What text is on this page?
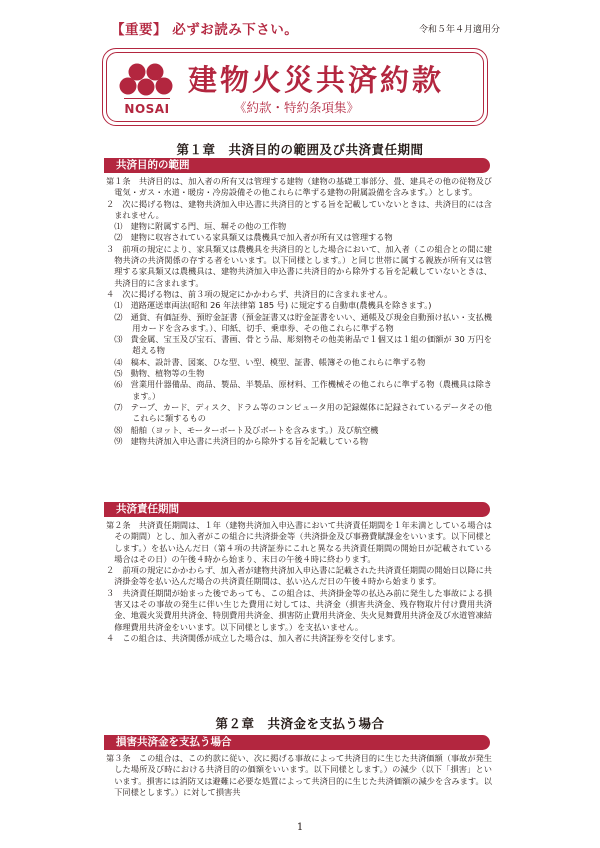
【重要】 必ずお読み下さい。	令和５年４月適用分
NOSAI
建物火災共済約款
《約款・特約条項集》
第１章　共済目的の範囲及び共済責任期間
共済目的の範囲

第１条　共済目的は、加入者の所有又は管理する建物（建物の基礎工事部分、畳、建具その他の従物及び電気・ガス・水道・暖房・冷房設備その他これらに準ずる建物の附属設備を含みます。）とします。

２　次に掲げる物は、建物共済加入申込書に共済目的とする旨を記載していないときは、共済目的には含まれません。

⑴　建物に附属する門、垣、塀その他の工作物

⑵　建物に収容されている家具類又は農機具で加入者が所有又は管理する物

３　前項の規定により、家具類又は農機具を共済目的とした場合において、加入者（この組合との間に建物共済の共済関係の存する者をいいます。以下同様とします。）と同じ世帯に属する親族が所有又は管理する家具類又は農機具は、建物共済加入申込書に共済目的から除外する旨を記載していないときは、共済目的に含まれます。

４　次に掲げる物は、前３項の規定にかかわらず、共済目的に含まれません。

⑴　道路運送車両法(昭和 26 年法律第 185 号) に規定する自動車(農機具を除きます。)

⑵　通貨、有価証券、預貯金証書（預金証書又は貯金証書をいい、通帳及び現金自動預け払い・支払機用カードを含みます。）、印紙、切手、乗車券、その他これらに準ずる物

⑶　貴金属、宝玉及び宝石、書画、骨とう品、彫刻物その他美術品で１個又は１組の価額が 30 万円を超える物

⑷　稿本、設計書、図案、ひな型、い型、模型、証書、帳簿その他これらに準ずる物

⑸　動物、植物等の生物

⑹　営業用什器備品、商品、製品、半製品、原材料、工作機械その他これらに準ずる物（農機具は除きます。）

⑺　テープ、カード、ディスク、ドラム等のコンピュータ用の記録媒体に記録されているデータその他これらに類するもの

⑻　船舶（ヨット、モーターボート及びボートを含みます。）及び航空機

⑼　建物共済加入申込書に共済目的から除外する旨を記載している物

共済責任期間

第２条　共済責任期間は、１年（建物共済加入申込書において共済責任期間を１年未満としている場合はその期間）とし、加入者がこの組合に共済掛金等（共済掛金及び事務費賦課金をいいます。以下同様とします。）を払い込んだ日（第４項の共済証券にこれと異なる共済責任期間の開始日が記載されている場合はその日）の午後４時から始まり、末日の午後４時に終わります。

２　前項の規定にかかわらず、加入者が建物共済加入申込書に記載された共済責任期間の開始日以降に共済掛金等を払い込んだ場合の共済責任期間は、払い込んだ日の午後４時から始まります。

３　共済責任期間が始まった後であっても、この組合は、共済掛金等の払込み前に発生した事故による損害又はその事故の発生に伴い生じた費用に対しては、共済金（損害共済金、残存物取片付け費用共済金、地震火災費用共済金、特別費用共済金、損害防止費用共済金、失火見舞費用共済金及び水道管凍結修理費用共済金をいいます。以下同様とします。）を支払いません。

４　この組合は、共済関係が成立した場合は、加入者に共済証券を交付します。

第２章　共済金を支払う場合
損害共済金を支払う場合

第３条　この組合は、この約款に従い、次に掲げる事故によって共済目的に生じた共済価額（事故が発生した場所及び時における共済目的の価額をいいます。以下同様とします。）の減少（以下「損害」といいます。損害には消防又は避難に必要な処置によって共済目的に生じた共済価額の減少を含みます。以下同様とします。）に対して損害共

1
